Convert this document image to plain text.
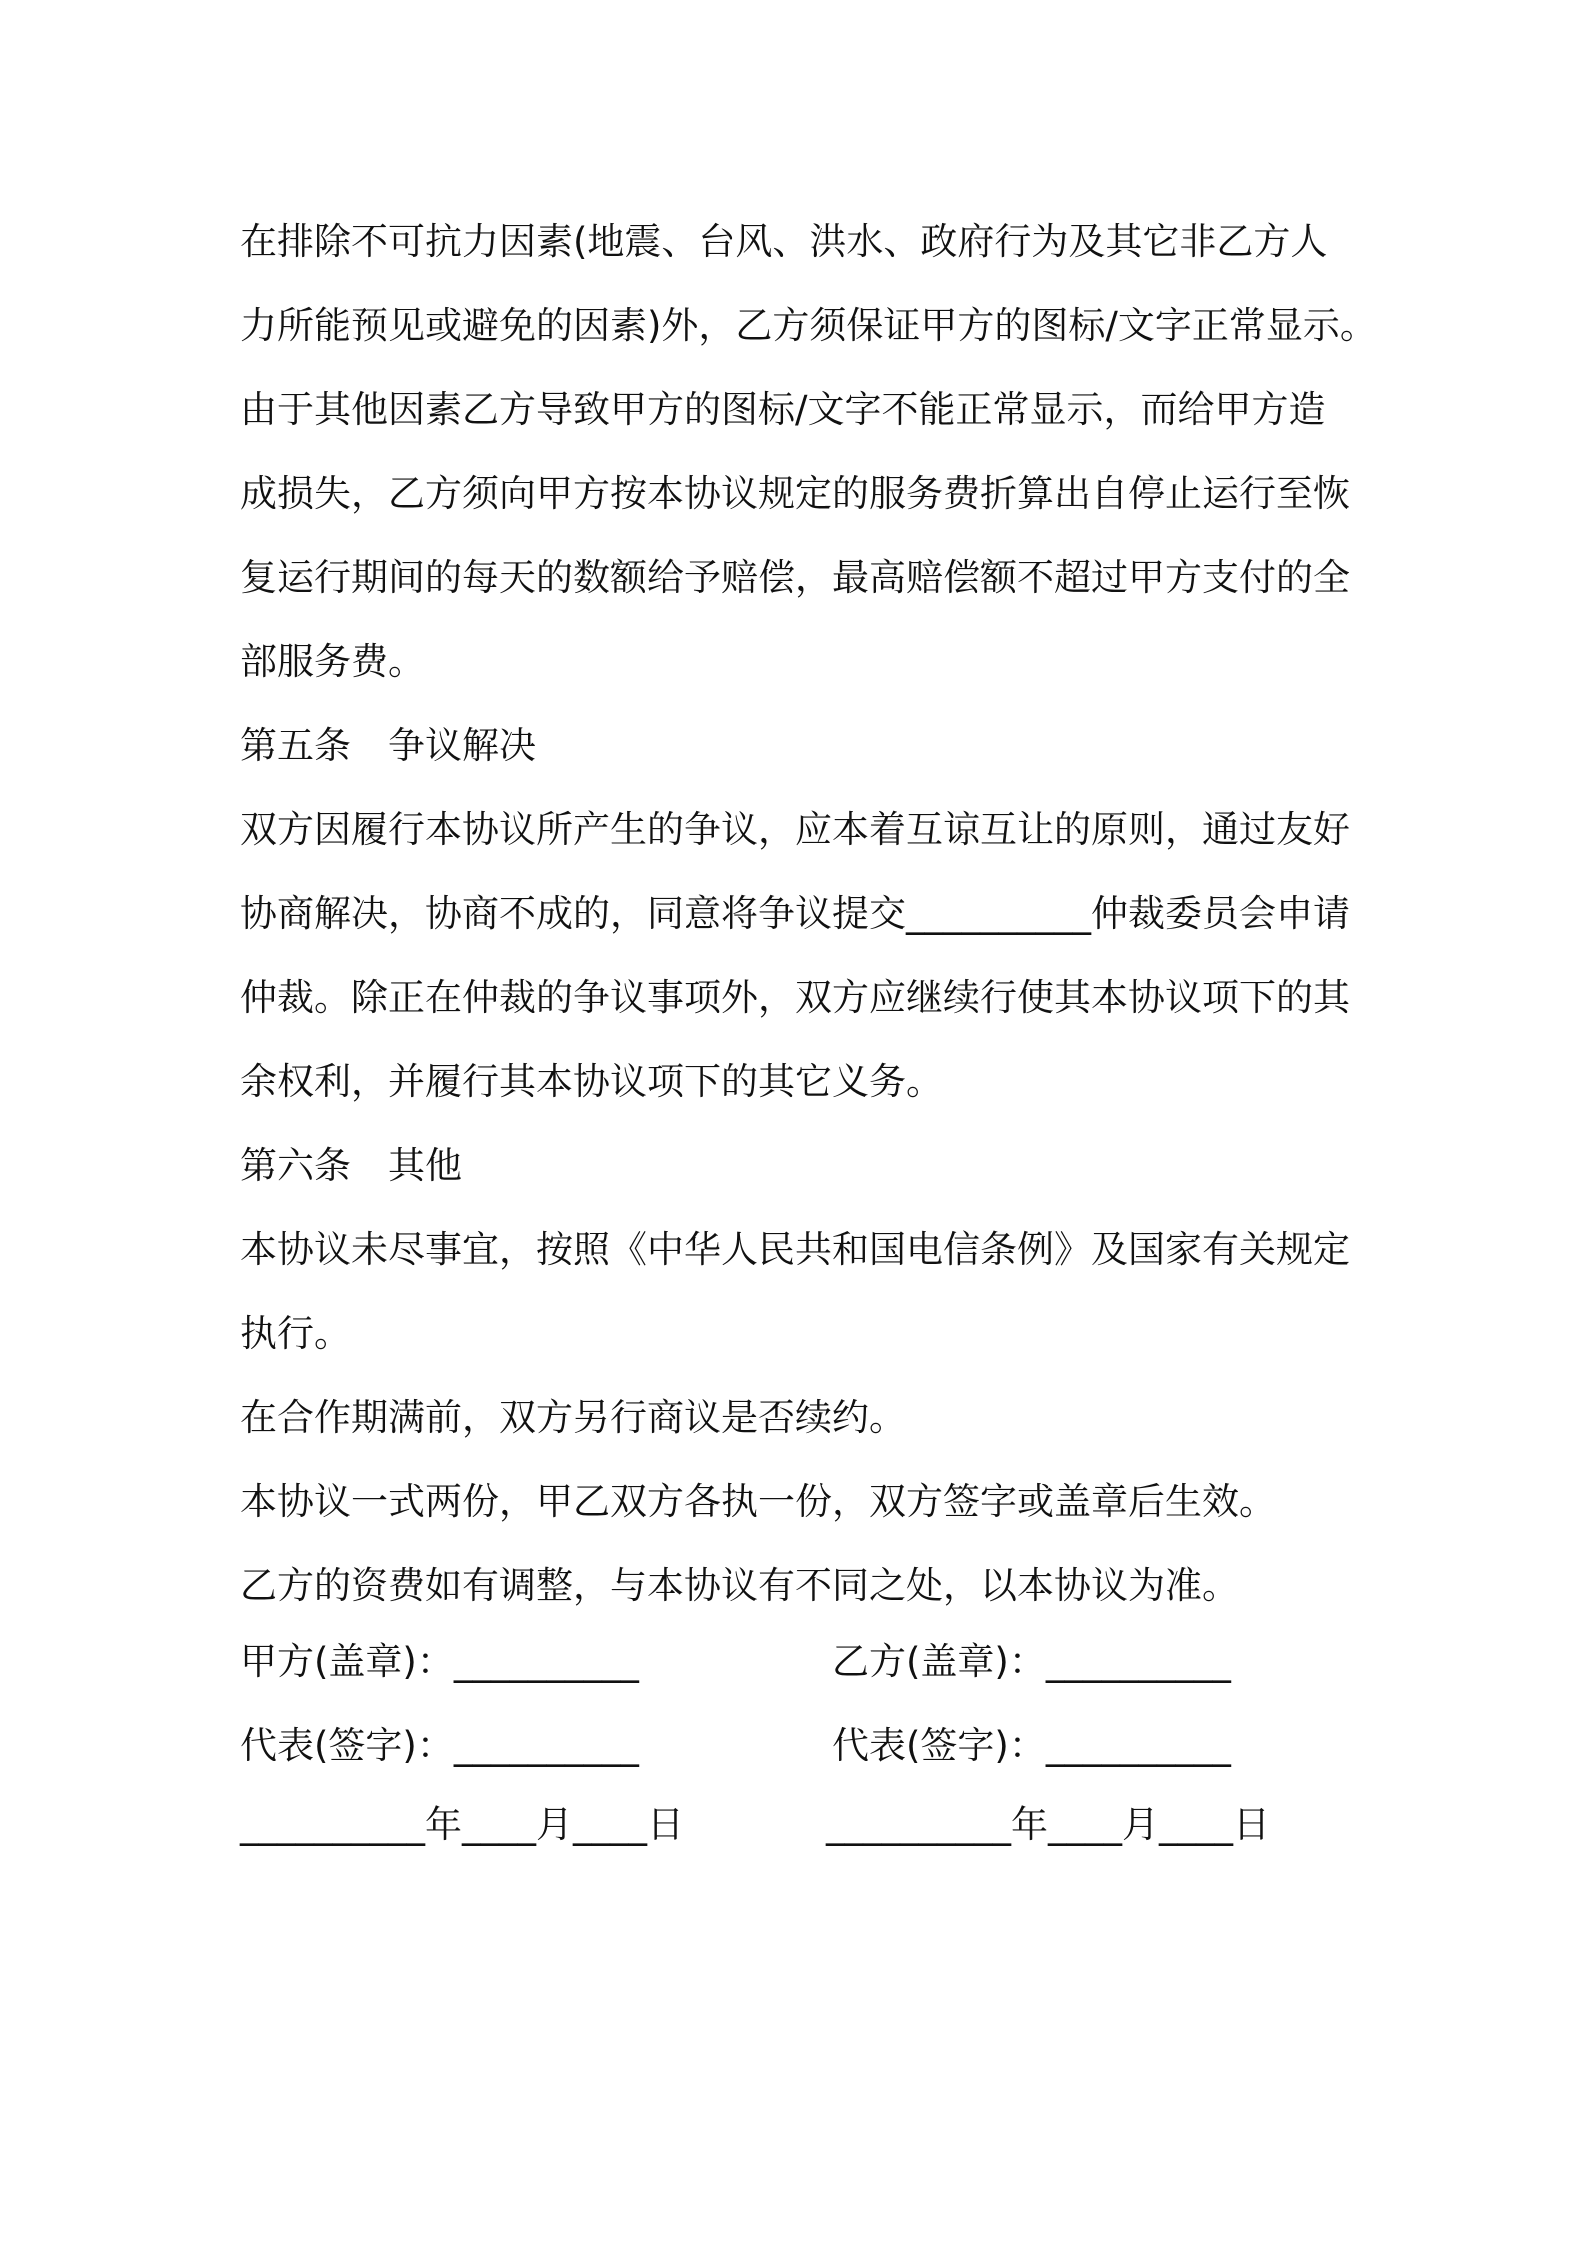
在排除不可抗力因素(地震、台风、洪水、政府行为及其它非乙方人
力所能预见或避免的因素)外，乙方须保证甲方的图标/文字正常显示。
由于其他因素乙方导致甲方的图标/文字不能正常显示，而给甲方造
成损失，乙方须向甲方按本协议规定的服务费折算出自停止运行至恢
复运行期间的每天的数额给予赔偿，最高赔偿额不超过甲方支付的全
部服务费。
第五条　争议解决
双方因履行本协议所产生的争议，应本着互谅互让的原则，通过友好
协商解决，协商不成的，同意将争议提交__________仲裁委员会申请
仲裁。除正在仲裁的争议事项外，双方应继续行使其本协议项下的其
余权利，并履行其本协议项下的其它义务。
第六条　其他
本协议未尽事宜，按照《中华人民共和国电信条例》及国家有关规定
执行。
在合作期满前，双方另行商议是否续约。
本协议一式两份，甲乙双方各执一份，双方签字或盖章后生效。
乙方的资费如有调整，与本协议有不同之处，以本协议为准。
甲方(盖章)：__________	乙方(盖章)：__________
代表(签字)：__________	代表(签字)：__________
__________年____月____日	__________年____月____日
